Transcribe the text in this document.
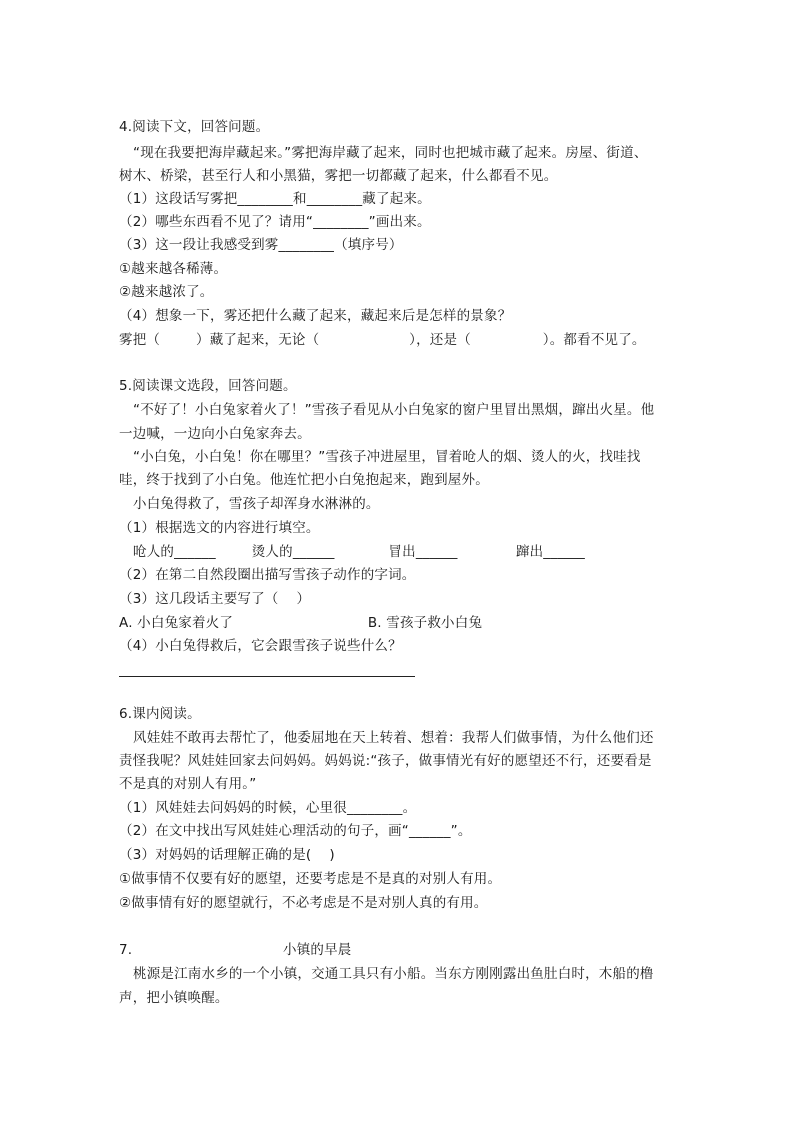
4.阅读下文，回答问题。
“现在我要把海岸藏起来。”雾把海岸藏了起来，同时也把城市藏了起来。房屋、街道、
树木、桥梁，甚至行人和小黑猫，雾把一切都藏了起来，什么都看不见。
（1）这段话写雾把________和________藏了起来。
（2）哪些东西看不见了？请用“________”画出来。
（3）这一段让我感受到雾________（填序号）
①越来越各稀薄。
②越来越浓了。
（4）想象一下，雾还把什么藏了起来，藏起来后是怎样的景象？
雾把（        ）藏了起来，无论（                    ），还是（                ）。都看不见了。
5.阅读课文选段，回答问题。
“不好了！小白兔家着火了！”雪孩子看见从小白兔家的窗户里冒出黑烟，蹿出火星。他
一边喊，一边向小白兔家奔去。
“小白兔，小白兔！你在哪里？”雪孩子冲进屋里，冒着呛人的烟、烫人的火，找哇找
哇，终于找到了小白兔。他连忙把小白兔抱起来，跑到屋外。
小白兔得救了，雪孩子却浑身水淋淋的。
（1）根据选文的内容进行填空。
呛人的______        烫人的______            冒出______             蹿出______
（2）在第二自然段圈出描写雪孩子动作的字词。
（3）这几段话主要写了（    ）
A. 小白兔家着火了                              B. 雪孩子救小白兔
（4）小白兔得救后，它会跟雪孩子说些什么？
6.课内阅读。
风娃娃不敢再去帮忙了，他委屈地在天上转着、想着：我帮人们做事情，为什么他们还
责怪我呢？风娃娃回家去问妈妈。妈妈说:“孩子，做事情光有好的愿望还不行，还要看是
不是真的对别人有用。”
（1）风娃娃去问妈妈的时候，心里很________。
（2）在文中找出写风娃娃心理活动的句子，画“______”。
（3）对妈妈的话理解正确的是(    )
①做事情不仅要有好的愿望，还要考虑是不是真的对别人有用。
②做事情有好的愿望就行，不必考虑是不是对别人真的有用。
7.	小镇的早晨
桃源是江南水乡的一个小镇，交通工具只有小船。当东方刚刚露出鱼肚白时，木船的橹
声，把小镇唤醒。
